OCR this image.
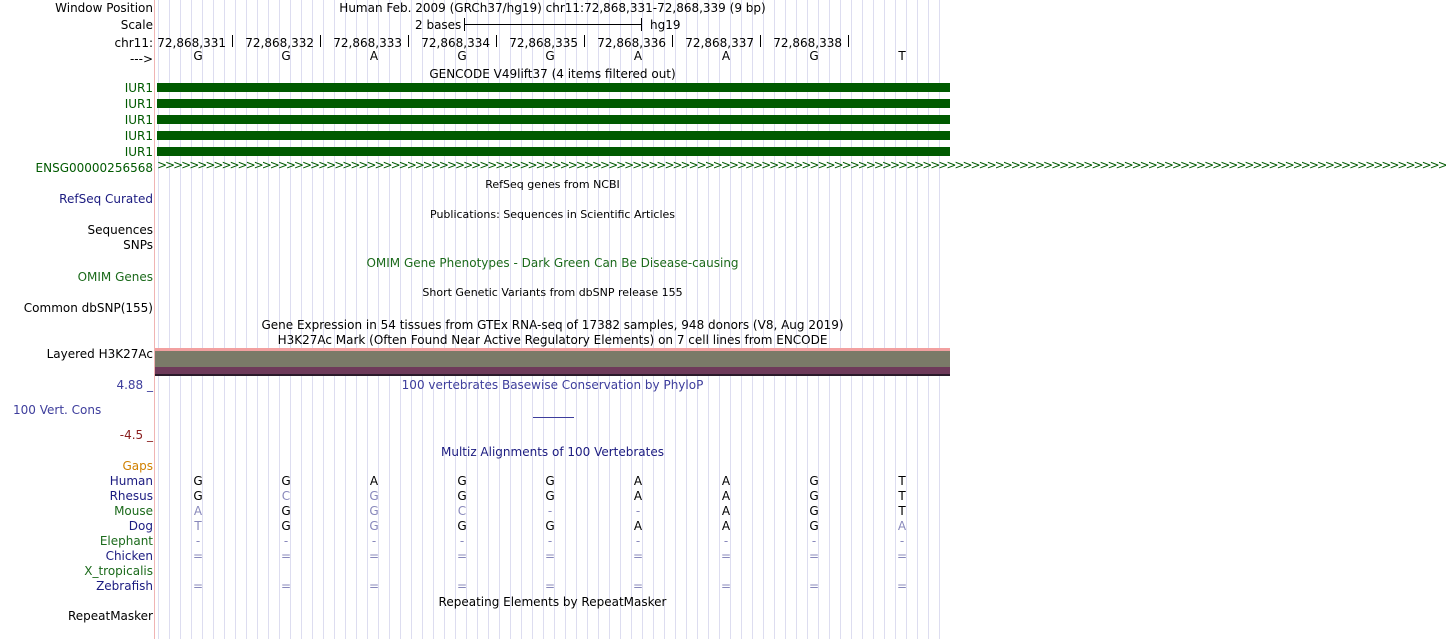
Window Position	Human Feb. 2009 (GRCh37/hg19) chr11:72,868,331-72,868,339 (9 bp)
Scale	2 bases	hg19
chr11: 72,868,331	72,868,332	72,868,333	72,868,334	72,868,335	72,868,336	72,868,337	72,868,338
--->	G	G	A	G	G	A	A	G	T
GENCODE V49lift37 (4 items filtered out)
IUR1
IUR1
IUR1
IUR1
IUR1
ENSG00000256568 >>>>>>>>>>>>>>>>>>>>>>>>>>>>>>>>>>>>>>>>>>>>>>>>>>>>>>>>>>>>>>>>>>>>>>>>>>>>>>>>>>>>>>>>>>>>>>>>>>>>>>>>>>>>>>>>>>>>>>>>>>>>>>>>>>>>>>>>>>>>>>>>>>>>>>>>>>>>>>>>
RefSeq genes from NCBI
RefSeq Curated
Publications: Sequences in Scientific Articles
Sequences
SNPs
OMIM Gene Phenotypes - Dark Green Can Be Disease-causing
OMIM Genes
Short Genetic Variants from dbSNP release 155
Common dbSNP(155)
Gene Expression in 54 tissues from GTEx RNA-seq of 17382 samples, 948 donors (V8, Aug 2019)
H3K27Ac Mark (Often Found Near Active Regulatory Elements) on 7 cell lines from ENCODE
Layered H3K27Ac
4.88 _	100 vertebrates Basewise Conservation by PhyloP
100 Vert. Cons
-4.5 _
Multiz Alignments of 100 Vertebrates
Gaps
Human	G	G	A	G	G	A	A	G	T
Rhesus	G	C	G	G	G	A	A	G	T
Mouse	A	G	G	C	-	-	A	G	T
Dog	T	G	G	G	G	A	A	G	A
Elephant	-	-	-	-	-	-	-	-	-
Chicken	=	=	=	=	=	=	=	=	=
X_tropicalis
Zebrafish	=	=	=	=	=	=	=	=	=
Repeating Elements by RepeatMasker
RepeatMasker
